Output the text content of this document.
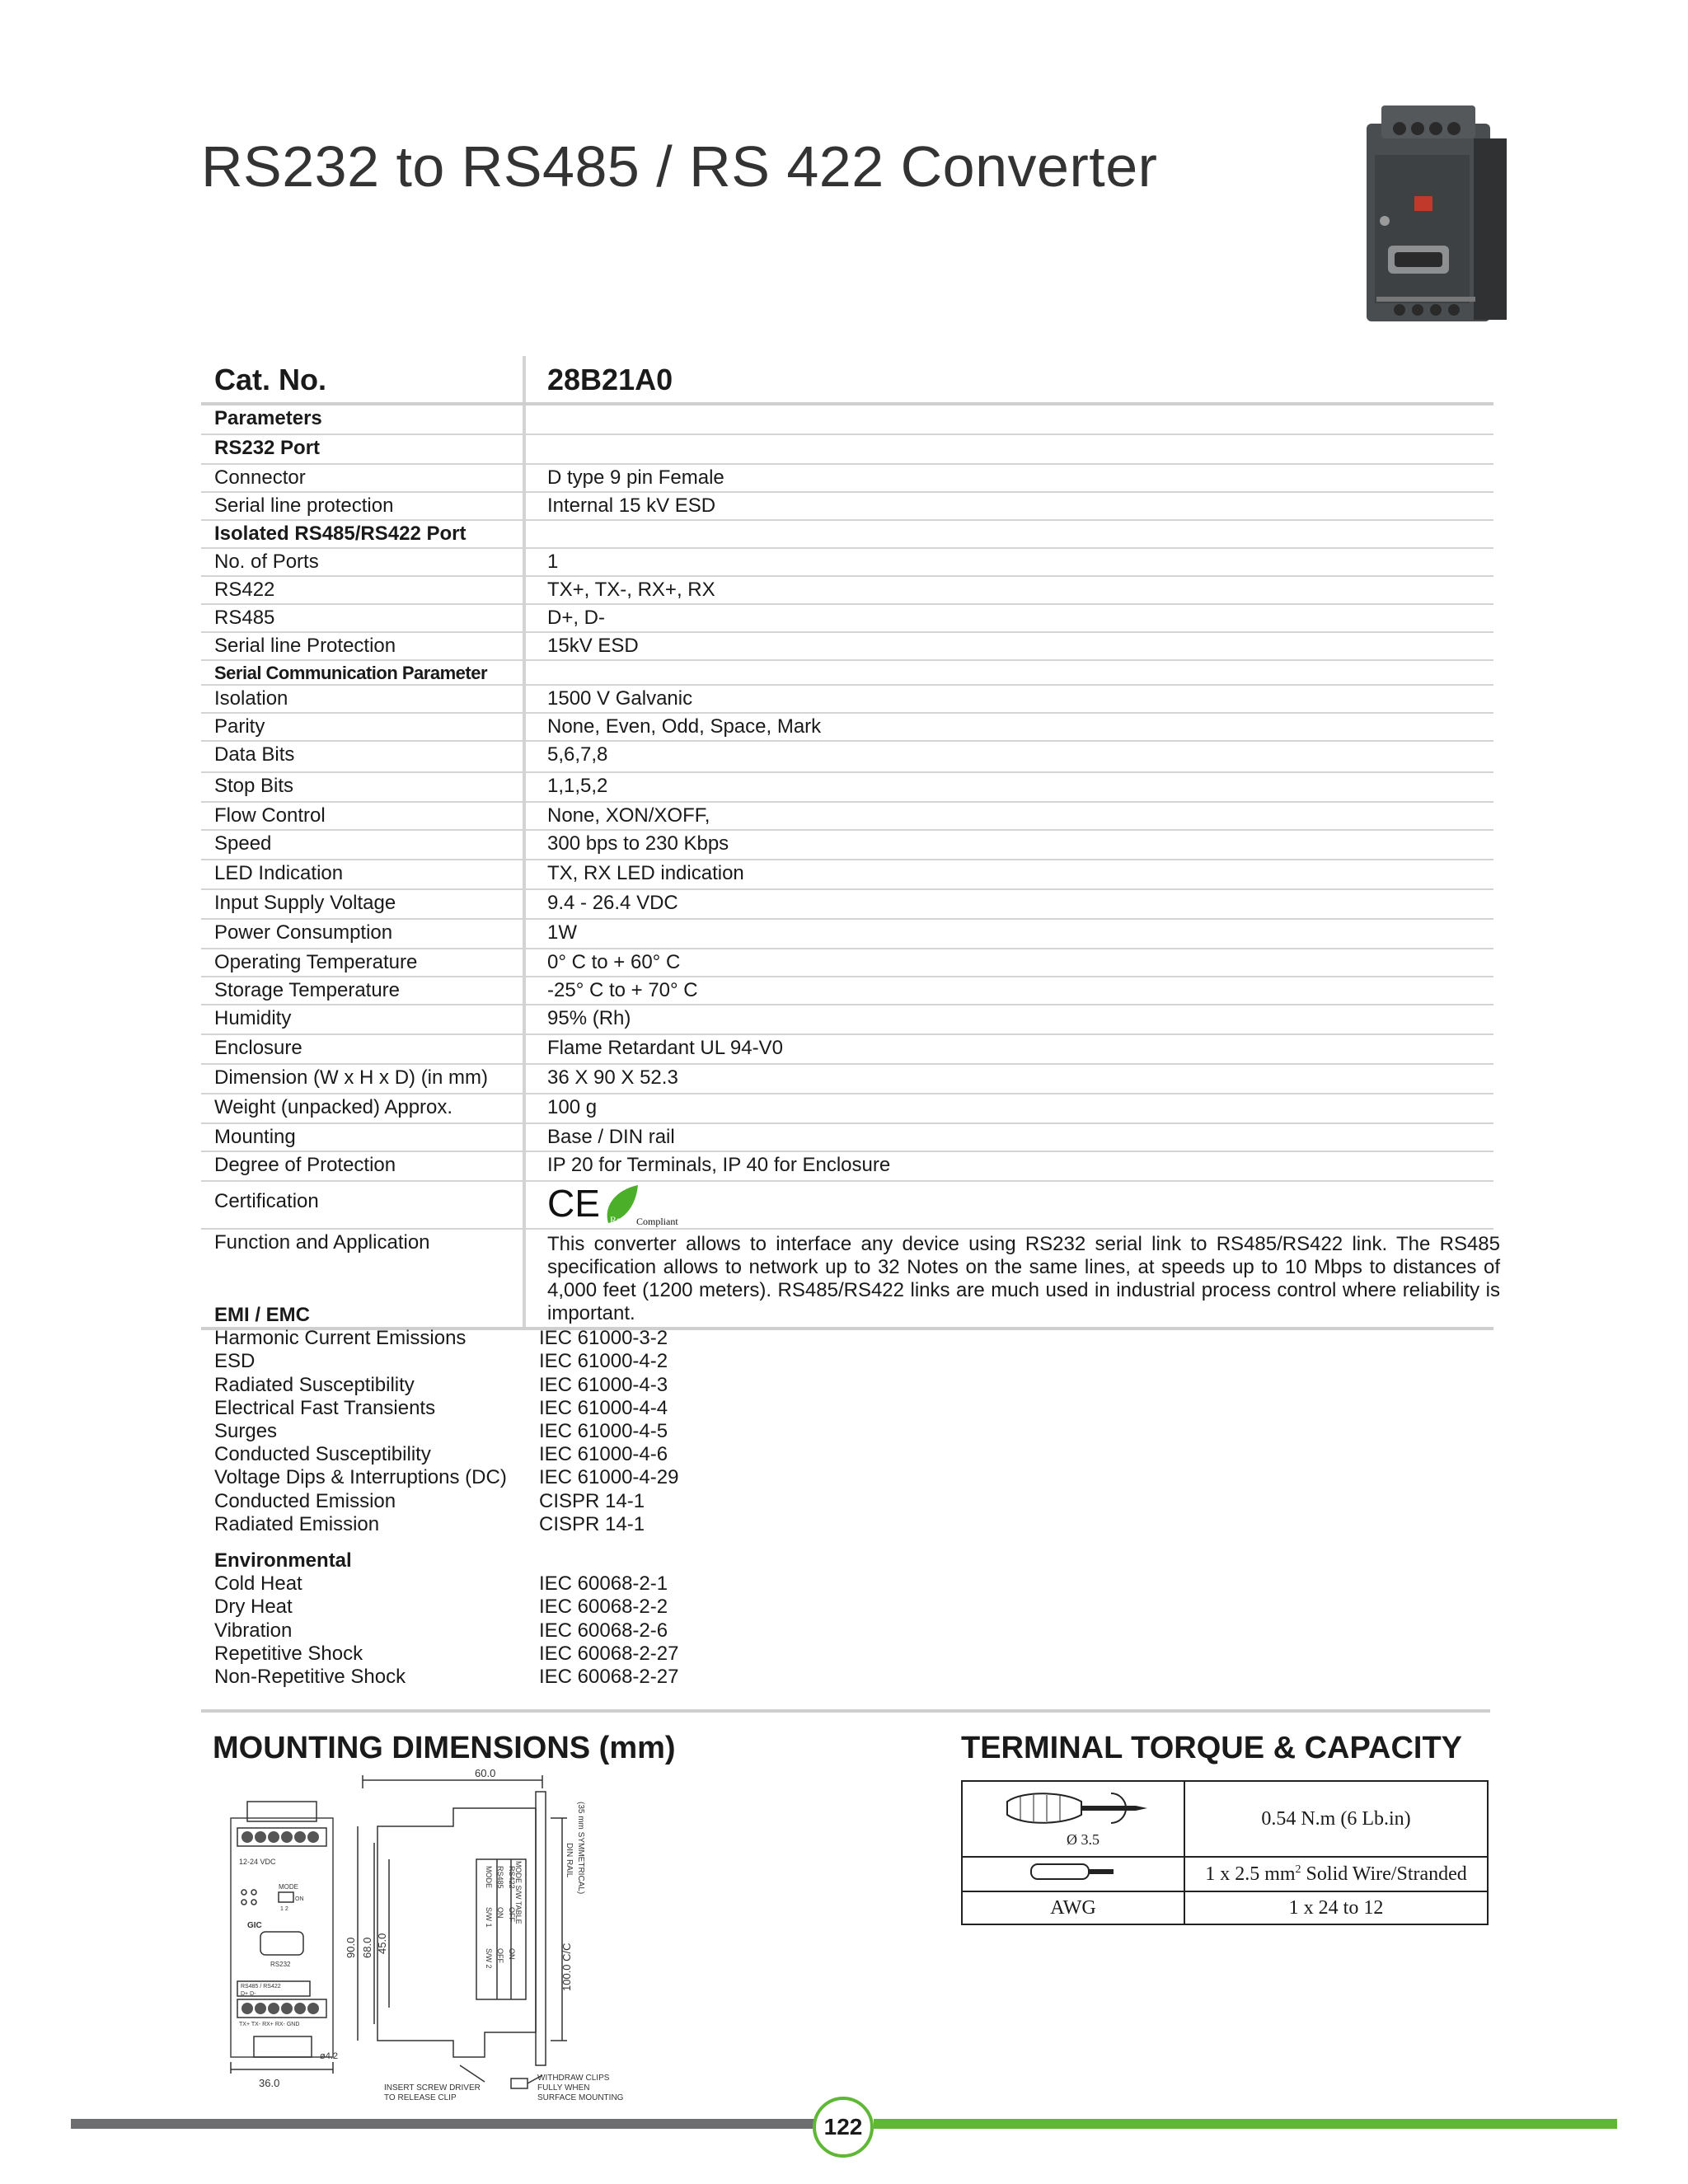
RS232 to RS485 / RS 422 Converter
Cat. No.	28B21A0
Parameters
RS232 Port
Connector	D type 9 pin Female
Serial line protection	Internal 15 kV ESD
Isolated RS485/RS422 Port
No. of Ports	1
RS422	TX+, TX-, RX+, RX
RS485	D+, D-
Serial line Protection	15kV ESD
Serial Communication Parameter
Isolation	1500 V Galvanic
Parity	None, Even, Odd, Space, Mark
Data Bits	5,6,7,8
Stop Bits	1,1,5,2
Flow Control	None, XON/XOFF,
Speed	300 bps to 230 Kbps
LED Indication	TX, RX LED indication
Input Supply Voltage	9.4 - 26.4 VDC
Power Consumption	1W
Operating Temperature	0° C to + 60° C
Storage Temperature	-25° C to + 70° C
Humidity	95% (Rh)
Enclosure	Flame Retardant UL 94-V0
Dimension (W x H x D) (in mm)	36 X 90 X 52.3
Weight (unpacked) Approx.	100 g
Mounting	Base / DIN rail
Degree of Protection	IP 20 for Terminals, IP 40 for Enclosure
Certification	CE RoHS Compliant
Function and Application	This converter allows to interface any device using RS232 serial link to RS485/RS422 link. The RS485 specification allows to network up to 32 Notes on the same lines, at speeds up to 10 Mbps to distances of 4,000 feet (1200 meters). RS485/RS422 links are much used in industrial process control where reliability is important.
EMI / EMC
Harmonic Current Emissions	IEC 61000-3-2
ESD	IEC 61000-4-2
Radiated Susceptibility	IEC 61000-4-3
Electrical Fast Transients	IEC 61000-4-4
Surges	IEC 61000-4-5
Conducted Susceptibility	IEC 61000-4-6
Voltage Dips & Interruptions (DC) IEC 61000-4-29
Conducted Emission	CISPR 14-1
Radiated Emission	CISPR 14-1
Environmental
Cold Heat	IEC 60068-2-1
Dry Heat	IEC 60068-2-2
Vibration	IEC 60068-2-6
Repetitive Shock	IEC 60068-2-27
Non-Repetitive Shock	IEC 60068-2-27
MOUNTING DIMENSIONS (mm)	TERMINAL TORQUE & CAPACITY
12-24 VDC
MODE
ON
1 2
GIC
RS232
RS485 / RS422
D+ D-
TX+ TX- RX+ RX- GND
36.0
ø4.2
60.0
MODE
S/W 1
S/W 2
RS485
ON
OFF
RS422
OFF
ON
MODE S/W TABLE
90.0 68.0 45.0	100.0 C/C
DIN RAIL (35 mm SYMMETRICAL)
INSERT SCREW DRIVER
TO RELEASE CLIP
WITHDRAW CLIPS
FULLY WHEN
SURFACE MOUNTING
Ø 3.5	0.54 N.m (6 Lb.in)
	1 x 2.5 $mm^2$ Solid Wire/Stranded
AWG	1 x 24 to 12
122
